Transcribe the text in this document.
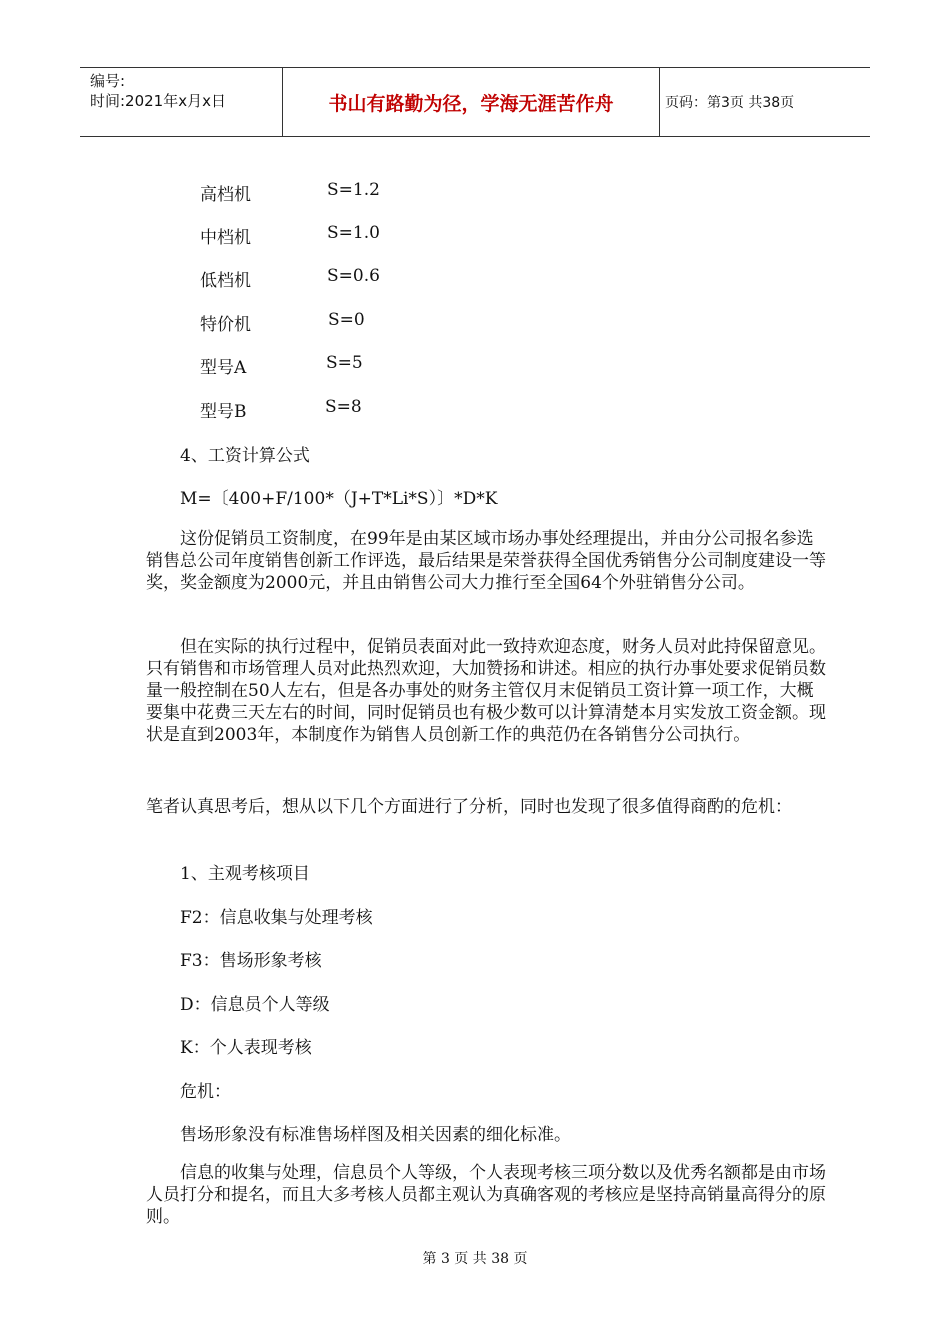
编号:
时间:2021年x月x日	书山有路勤为径，学海无涯苦作舟	页码：第3页 共38页
高档机	S=1.2
中档机	S=1.0
低档机	S=0.6
特价机	S=0
型号A	S=5
型号B	S=8
4、工资计算公式
M=〔400+F/100*（J+T*Li*S）〕*D*K
这份促销员工资制度，在99年是由某区域市场办事处经理提出，并由分公司报名参选销售总公司年度销售创新工作评选，最后结果是荣誉获得全国优秀销售分公司制度建设一等奖，奖金额度为2000元，并且由销售公司大力推行至全国64个外驻销售分公司。
但在实际的执行过程中，促销员表面对此一致持欢迎态度，财务人员对此持保留意见。只有销售和市场管理人员对此热烈欢迎，大加赞扬和讲述。相应的执行办事处要求促销员数量一般控制在50人左右，但是各办事处的财务主管仅月末促销员工资计算一项工作，大概要集中花费三天左右的时间，同时促销员也有极少数可以计算清楚本月实发放工资金额。现状是直到2003年，本制度作为销售人员创新工作的典范仍在各销售分公司执行。
笔者认真思考后，想从以下几个方面进行了分析，同时也发现了很多值得商酌的危机：
1、主观考核项目
F2：信息收集与处理考核
F3：售场形象考核
D：信息员个人等级
K：个人表现考核
危机：
售场形象没有标准售场样图及相关因素的细化标准。
信息的收集与处理，信息员个人等级，个人表现考核三项分数以及优秀名额都是由市场人员打分和提名，而且大多考核人员都主观认为真确客观的考核应是坚持高销量高得分的原则。
第 3 页 共 38 页
